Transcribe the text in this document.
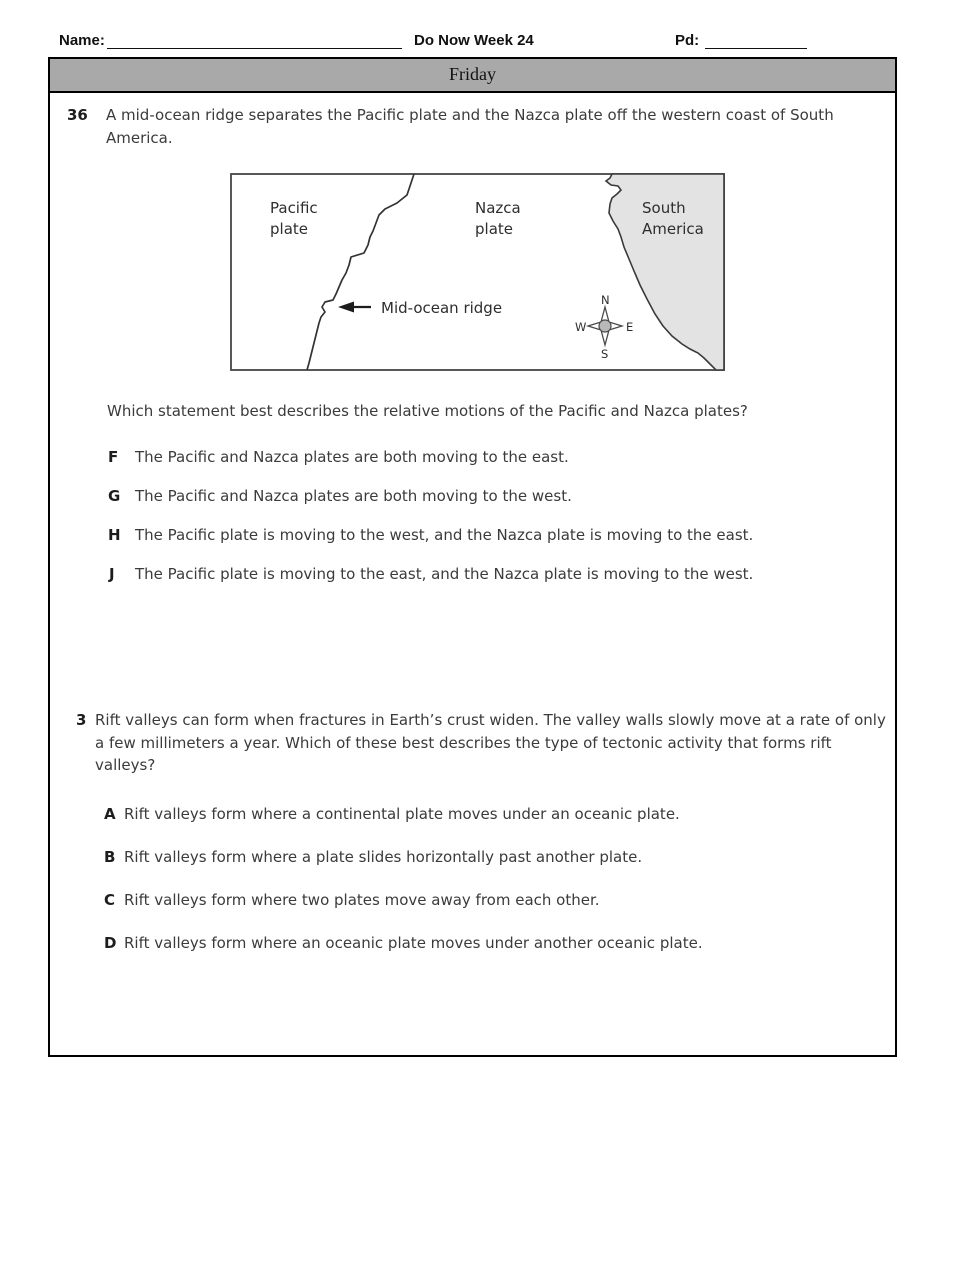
Name:	Do Now Week 24	Pd:
Friday
36 A mid-ocean ridge separates the Pacific plate and the Nazca plate off the western coast of South America.
Pacific
plate
Nazca
plate
South
America
Mid-ocean ridge	N
S
W	E
Which statement best describes the relative motions of the Pacific and Nazca plates?
F The Pacific and Nazca plates are both moving to the east.
G The Pacific and Nazca plates are both moving to the west.
H The Pacific plate is moving to the west, and the Nazca plate is moving to the east.
J The Pacific plate is moving to the east, and the Nazca plate is moving to the west.
3 Rift valleys can form when fractures in Earth’s crust widen. The valley walls slowly move at a rate of only a few millimeters a year. Which of these best describes the type of tectonic activity that forms rift valleys?
A Rift valleys form where a continental plate moves under an oceanic plate.
B Rift valleys form where a plate slides horizontally past another plate.
C Rift valleys form where two plates move away from each other.
D Rift valleys form where an oceanic plate moves under another oceanic plate.
